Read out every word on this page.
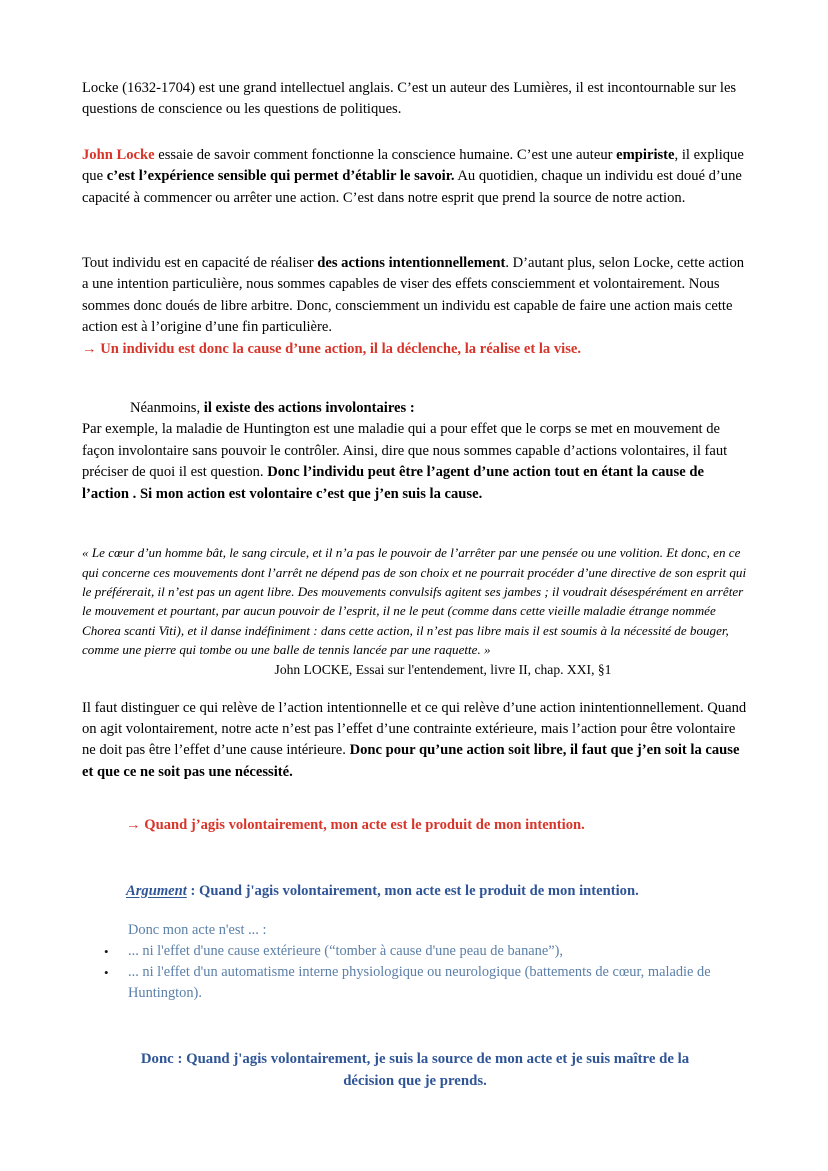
Locke (1632-1704) est une grand intellectuel anglais. C’est un auteur des Lumières, il est incontournable sur les questions de conscience ou les questions de politiques.

John Locke essaie de savoir comment fonctionne la conscience humaine. C’est une auteur empiriste, il explique que c’est l’expérience sensible qui permet d’établir le savoir. Au quotidien, chaque un individu est doué d’une capacité à commencer ou arrêter une action. C’est dans notre esprit que prend la source de notre action.

Tout individu est en capacité de réaliser des actions intentionnellement. D’autant plus, selon Locke, cette action a une intention particulière, nous sommes capables de viser des effets consciemment et volontairement. Nous sommes donc doués de libre arbitre. Donc, consciemment un individu est capable de faire une action mais cette action est à l’origine d’une fin particulière.

→ Un individu est donc la cause d’une action, il la déclenche, la réalise et la vise.

Néanmoins, il existe des actions involontaires :

Par exemple, la maladie de Huntington est une maladie qui a pour effet que le corps se met en mouvement de façon involontaire sans pouvoir le contrôler. Ainsi, dire que nous sommes capable d’actions volontaires, il faut préciser de quoi il est question. Donc l’individu peut être l’agent d’une action tout en étant la cause de l’action . Si mon action est volontaire c’est que j’en suis la cause.

« Le cœur d’un homme bât, le sang circule, et il n’a pas le pouvoir de l’arrêter par une pensée ou une volition. Et donc, en ce qui concerne ces mouvements dont l’arrêt ne dépend pas de son choix et ne pourrait procéder d’une directive de son esprit qui le préférerait, il n’est pas un agent libre. Des mouvements convulsifs agitent ses jambes ; il voudrait désespérément en arrêter le mouvement et pourtant, par aucun pouvoir de l’esprit, il ne le peut (comme dans cette vieille maladie étrange nommée Chorea scanti Viti), et il danse indéfiniment : dans cette action, il n’est pas libre mais il est soumis à la nécessité de bouger, comme une pierre qui tombe ou une balle de tennis lancée par une raquette. »

John LOCKE, Essai sur l'entendement, livre II, chap. XXI, §1

Il faut distinguer ce qui relève de l’action intentionnelle et ce qui relève d’une action inintentionnellement. Quand on agit volontairement, notre acte n’est pas l’effet d’une contrainte extérieure, mais l’action pour être volontaire ne doit pas être l’effet d’une cause intérieure. Donc pour qu’une action soit libre, il faut que j’en soit la cause et que ce ne soit pas une nécessité.

→ Quand j’agis volontairement, mon acte est le produit de mon intention.

Argument : Quand j'agis volontairement, mon acte est le produit de mon intention.

Donc mon acte n'est ... :

• ... ni l'effet d'une cause extérieure (“tomber à cause d'une peau de banane”),
• ... ni l'effet d'un automatisme interne physiologique ou neurologique (battements de cœur, maladie de Huntington).

Donc : Quand j'agis volontairement, je suis la source de mon acte et je suis maître de la décision que je prends.
